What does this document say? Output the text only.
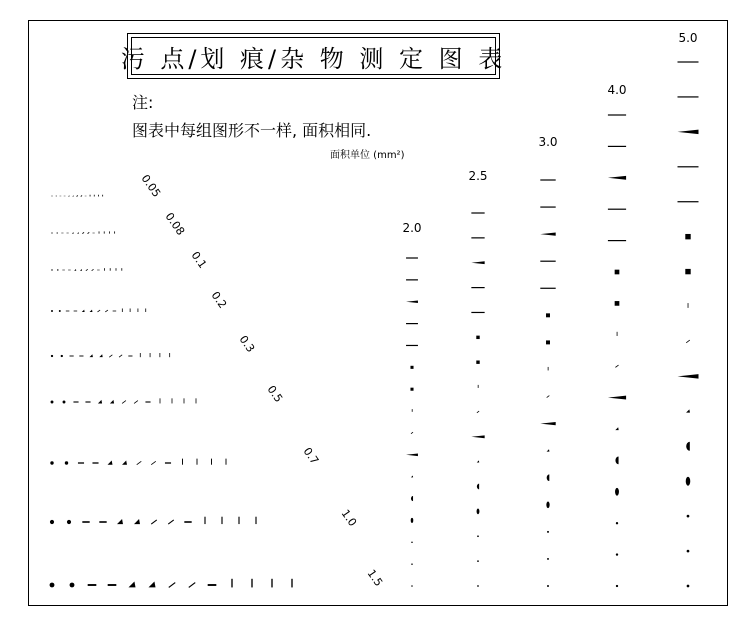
污 点/划 痕/杂 物 测 定 图 表
注:
图表中每组图形不一样, 面积相同.
面积单位 (mm²)
0.05
0.08
0.1
0.2
0.3
0.5
0.7
1.0
1.5
2.0
2.5
3.0
4.0
5.0
